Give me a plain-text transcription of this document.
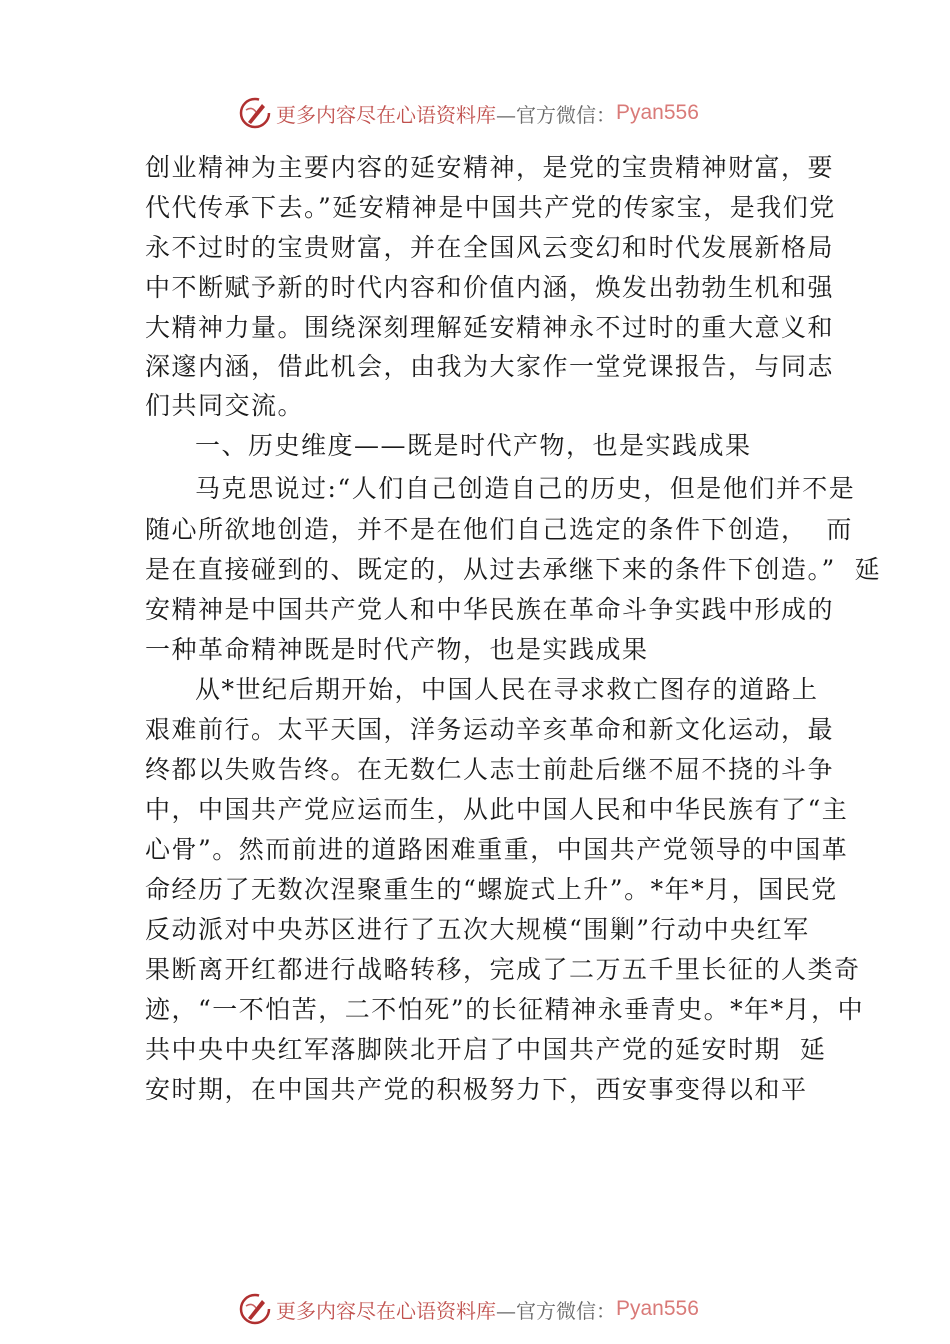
更多内容尽在心语资料库 —官方微信： Pyan556
创业精神为主要内容的延安精神，是党的宝贵精神财富，要
代代传承下去。”延安精神是中国共产党的传家宝，是我们党
永不过时的宝贵财富，并在全国风云变幻和时代发展新格局
中不断赋予新的时代内容和价值内涵，焕发出勃勃生机和强
大精神力量。围绕深刻理解延安精神永不过时的重大意义和
深邃内涵，借此机会，由我为大家作一堂党课报告，与同志
们共同交流。
一、历史维度——既是时代产物，也是实践成果
马克思说过:“人们自己创造自己的历史，但是他们并不是
随心所欲地创造，并不是在他们自己选定的条件下创造，  而
是在直接碰到的、既定的，从过去承继下来的条件下创造。”  延
安精神是中国共产党人和中华民族在革命斗争实践中形成的
一种革命精神既是时代产物，也是实践成果
从*世纪后期开始，中国人民在寻求救亡图存的道路上
艰难前行。太平天国，洋务运动辛亥革命和新文化运动，最
终都以失败告终。在无数仁人志士前赴后继不屈不挠的斗争
中，中国共产党应运而生，从此中国人民和中华民族有了“主
心骨”。然而前进的道路困难重重，中国共产党领导的中国革
命经历了无数次涅聚重生的“螺旋式上升”。*年*月，国民党
反动派对中央苏区进行了五次大规模“围剿”行动中央红军
果断离开红都进行战略转移，完成了二万五千里长征的人类奇
迹，“一不怕苦，二不怕死”的长征精神永垂青史。*年*月，中
共中央中央红军落脚陕北开启了中国共产党的延安时期  延
安时期，在中国共产党的积极努力下，西安事变得以和平
更多内容尽在心语资料库 —官方微信： Pyan556
